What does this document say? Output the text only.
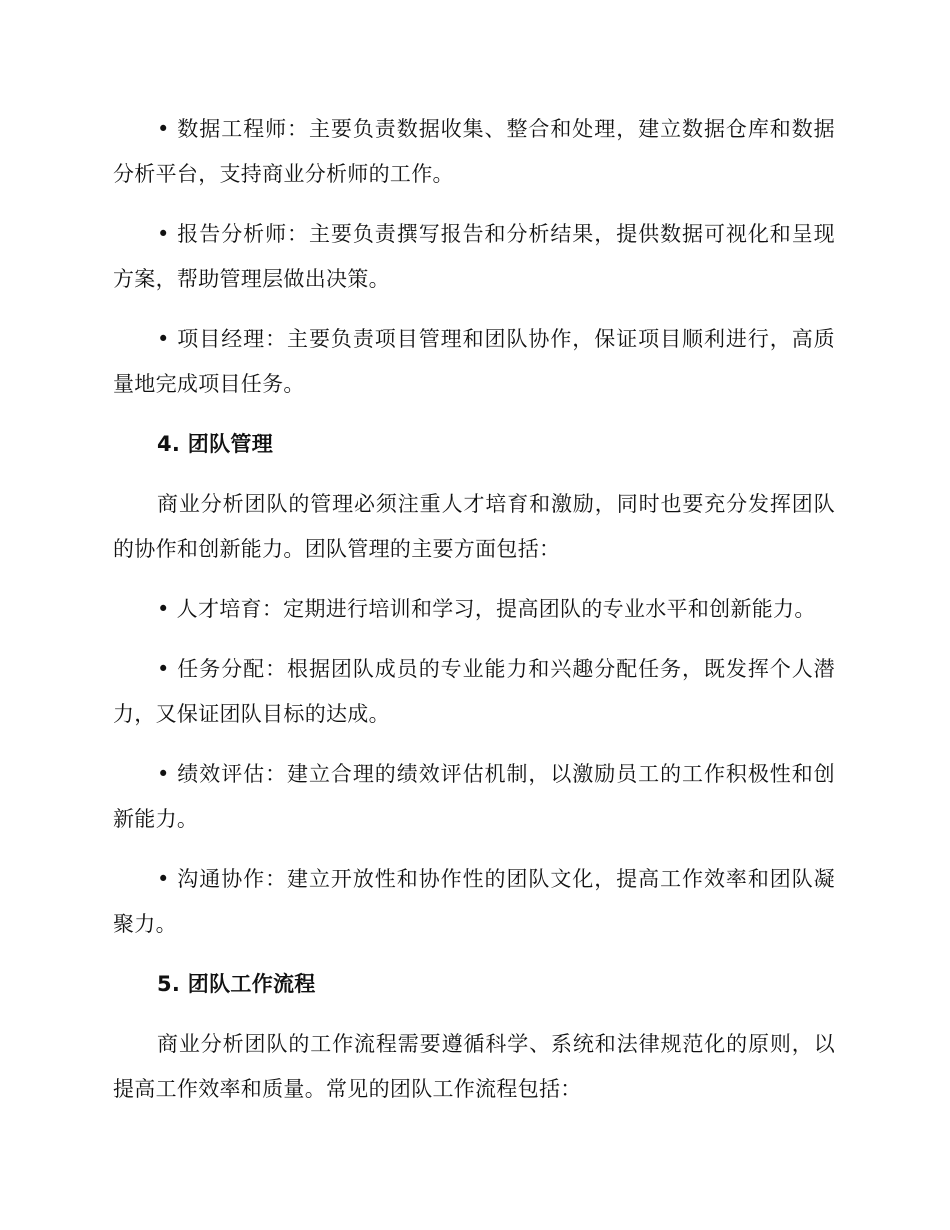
• 数据工程师：主要负责数据收集、整合和处理，建立数据仓库和数据分析平台，支持商业分析师的工作。

• 报告分析师：主要负责撰写报告和分析结果，提供数据可视化和呈现方案，帮助管理层做出决策。

• 项目经理：主要负责项目管理和团队协作，保证项目顺利进行，高质量地完成项目任务。

4. 团队管理

商业分析团队的管理必须注重人才培育和激励，同时也要充分发挥团队的协作和创新能力。团队管理的主要方面包括：

• 人才培育：定期进行培训和学习，提高团队的专业水平和创新能力。

• 任务分配：根据团队成员的专业能力和兴趣分配任务，既发挥个人潜力，又保证团队目标的达成。

• 绩效评估：建立合理的绩效评估机制，以激励员工的工作积极性和创新能力。

• 沟通协作：建立开放性和协作性的团队文化，提高工作效率和团队凝聚力。

5. 团队工作流程

商业分析团队的工作流程需要遵循科学、系统和法律规范化的原则，以提高工作效率和质量。常见的团队工作流程包括：
